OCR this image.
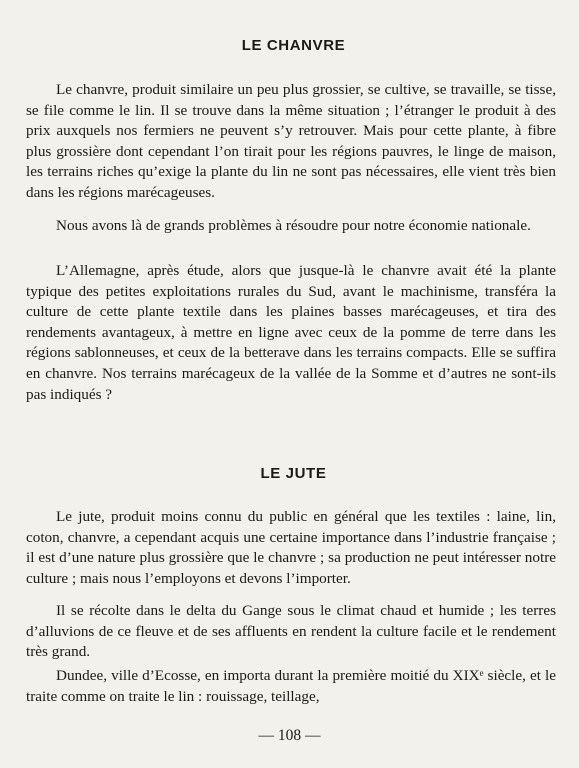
LE CHANVRE

Le chanvre, produit similaire un peu plus grossier, se cultive, se travaille, se tisse, se file comme le lin. Il se trouve dans la même situation ; l’étranger le produit à des prix auxquels nos fermiers ne peuvent s’y retrouver. Mais pour cette plante, à fibre plus grossière dont cependant l’on tirait pour les régions pauvres, le linge de maison, les terrains riches qu’exige la plante du lin ne sont pas nécessaires, elle vient très bien dans les régions marécageuses.

Nous avons là de grands problèmes à résoudre pour notre économie nationale.

L’Allemagne, après étude, alors que jusque-là le chanvre avait été la plante typique des petites exploitations rurales du Sud, avant le machinisme, transféra la culture de cette plante textile dans les plaines basses marécageuses, et tira des rendements avantageux, à mettre en ligne avec ceux de la pomme de terre dans les régions sablonneuses, et ceux de la betterave dans les terrains compacts. Elle se suffira en chanvre. Nos terrains marécageux de la vallée de la Somme et d’autres ne sont-ils pas indiqués ?

LE JUTE

Le jute, produit moins connu du public en général que les textiles : laine, lin, coton, chanvre, a cependant acquis une certaine importance dans l’industrie française ; il est d’une nature plus grossière que le chanvre ; sa production ne peut intéresser notre culture ; mais nous l’employons et devons l’importer.

Il se récolte dans le delta du Gange sous le climat chaud et humide ; les terres d’alluvions de ce fleuve et de ses affluents en rendent la culture facile et le rendement très grand.

Dundee, ville d’Ecosse, en importa durant la première moitié du XIXᵉ siècle, et le traite comme on traite le lin : rouissage, teillage,

— 108 —
